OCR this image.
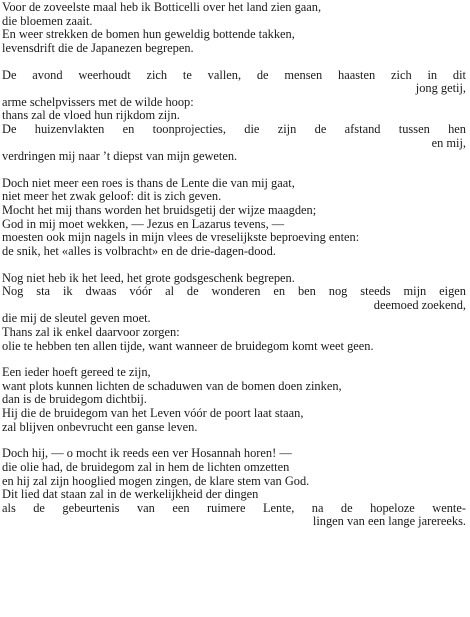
Voor de zoveelste maal heb ik Botticelli over het land zien gaan,

die bloemen zaait.

En weer strekken de bomen hun geweldig bottende takken,

levensdrift die de Japanezen begrepen.

De avond weerhoudt zich te vallen, de mensen haasten zich in dit

jong getij,

arme schelpvissers met de wilde hoop:

thans zal de vloed hun rijkdom zijn.

De huizenvlakten en toonprojecties, die zijn de afstand tussen hen

en mij,

verdringen mij naar ’t diepst van mijn geweten.

Doch niet meer een roes is thans de Lente die van mij gaat,

niet meer het zwak geloof: dit is zich geven.

Mocht het mij thans worden het bruidsgetij der wijze maagden;

God in mij moet wekken, — Jezus en Lazarus tevens, —

moesten ook mijn nagels in mijn vlees de vreselijkste beproeving enten:

de snik, het «alles is volbracht» en de drie-dagen-dood.

Nog niet heb ik het leed, het grote godsgeschenk begrepen.

Nog sta ik dwaas vóór al de wonderen en ben nog steeds mijn eigen

deemoed zoekend,

die mij de sleutel geven moet.

Thans zal ik enkel daarvoor zorgen:

olie te hebben ten allen tijde, want wanneer de bruidegom komt weet geen.

Een ieder hoeft gereed te zijn,

want plots kunnen lichten de schaduwen van de bomen doen zinken,

dan is de bruidegom dichtbij.

Hij die de bruidegom van het Leven vóór de poort laat staan,

zal blijven onbevrucht een ganse leven.

Doch hij, — o mocht ik reeds een ver Hosannah horen! —

die olie had, de bruidegom zal in hem de lichten omzetten

en hij zal zijn hooglied mogen zingen, de klare stem van God.

Dit lied dat staan zal in de werkelijkheid der dingen

als de gebeurtenis van een ruimere Lente, na de hopeloze wente-

lingen van een lange jarereeks.
